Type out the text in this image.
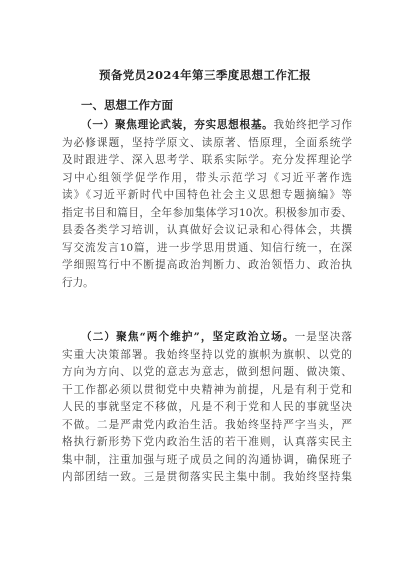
预备党员2024年第三季度思想工作汇报
一、思想工作方面
（一）聚焦理论武装，夯实思想根基。我始终把学习作
为必修课题，坚持学原文、读原著、悟原理，全面系统学
及时跟进学、深入思考学、联系实际学。充分发挥理论学
习中心组领学促学作用，带头示范学习《习近平著作选
读》《习近平新时代中国特色社会主义思想专题摘编》等
指定书目和篇目，全年参加集体学习10次。积极参加市委、
县委各类学习培训，认真做好会议记录和心得体会，共撰
写交流发言10篇，进一步学思用贯通、知信行统一，在深
学细照笃行中不断提高政治判断力、政治领悟力、政治执
行力。
（二）聚焦“两个维护”，坚定政治立场。一是坚决落
实重大决策部署。我始终坚持以党的旗帜为旗帜、以党的
方向为方向、以党的意志为意志，做到想问题、做决策、
干工作都必须以贯彻党中央精神为前提，凡是有利于党和
人民的事就坚定不移做，凡是不利于党和人民的事就坚决
不做。二是严肃党内政治生活。我始终坚持严字当头，严
格执行新形势下党内政治生活的若干准则，认真落实民主
集中制，注重加强与班子成员之间的沟通协调，确保班子
内部团结一致。三是贯彻落实民主集中制。我始终坚持集
